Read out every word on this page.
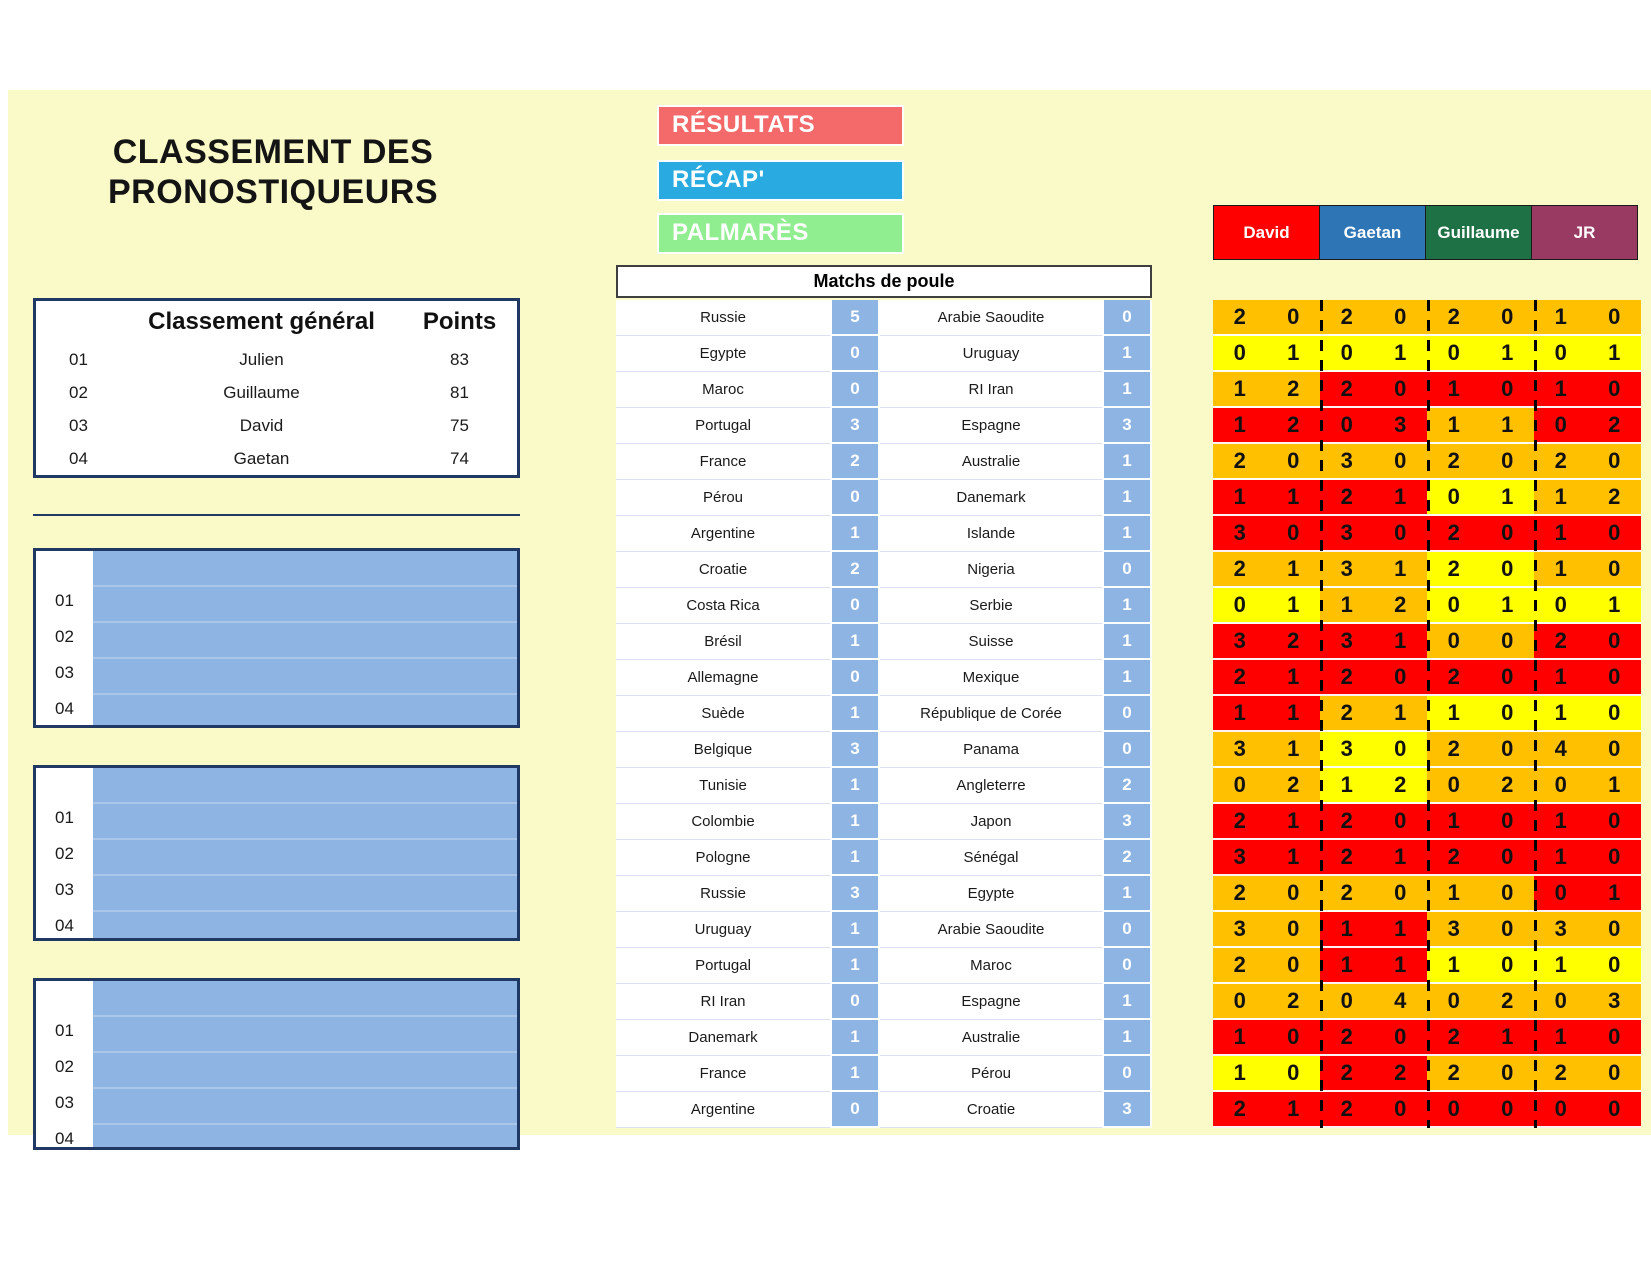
CLASSEMENT DES
PRONOSTIQUEURS
RÉSULTATS
RÉCAP'
PALMARÈS
Classement général	Points
01	Julien	83
02	Guillaume	81
03	David	75
04	Gaetan	74
01
02
03
04
01
02
03
04
01
02
03
04
Matchs de poule
Russie	5	Arabie Saoudite	0
Egypte	0	Uruguay	1
Maroc	0	RI Iran	1
Portugal	3	Espagne	3
France	2	Australie	1
Pérou	0	Danemark	1
Argentine	1	Islande	1
Croatie	2	Nigeria	0
Costa Rica	0	Serbie	1
Brésil	1	Suisse	1
Allemagne	0	Mexique	1
Suède	1	République de Corée	0
Belgique	3	Panama	0
Tunisie	1	Angleterre	2
Colombie	1	Japon	3
Pologne	1	Sénégal	2
Russie	3	Egypte	1
Uruguay	1	Arabie Saoudite	0
Portugal	1	Maroc	0
RI Iran	0	Espagne	1
Danemark	1	Australie	1
France	1	Pérou	0
Argentine	0	Croatie	3
David	Gaetan	Guillaume	JR
2	0	2	0	2	0	1	0
0	1	0	1	0	1	0	1
1	2	2	0	1	0	1	0
1	2	0	3	1	1	0	2
2	0	3	0	2	0	2	0
1	1	2	1	0	1	1	2
3	0	3	0	2	0	1	0
2	1	3	1	2	0	1	0
0	1	1	2	0	1	0	1
3	2	3	1	0	0	2	0
2	1	2	0	2	0	1	0
1	1	2	1	1	0	1	0
3	1	3	0	2	0	4	0
0	2	1	2	0	2	0	1
2	1	2	0	1	0	1	0
3	1	2	1	2	0	1	0
2	0	2	0	1	0	0	1
3	0	1	1	3	0	3	0
2	0	1	1	1	0	1	0
0	2	0	4	0	2	0	3
1	0	2	0	2	1	1	0
1	0	2	2	2	0	2	0
2	1	2	0	0	0	0	0
